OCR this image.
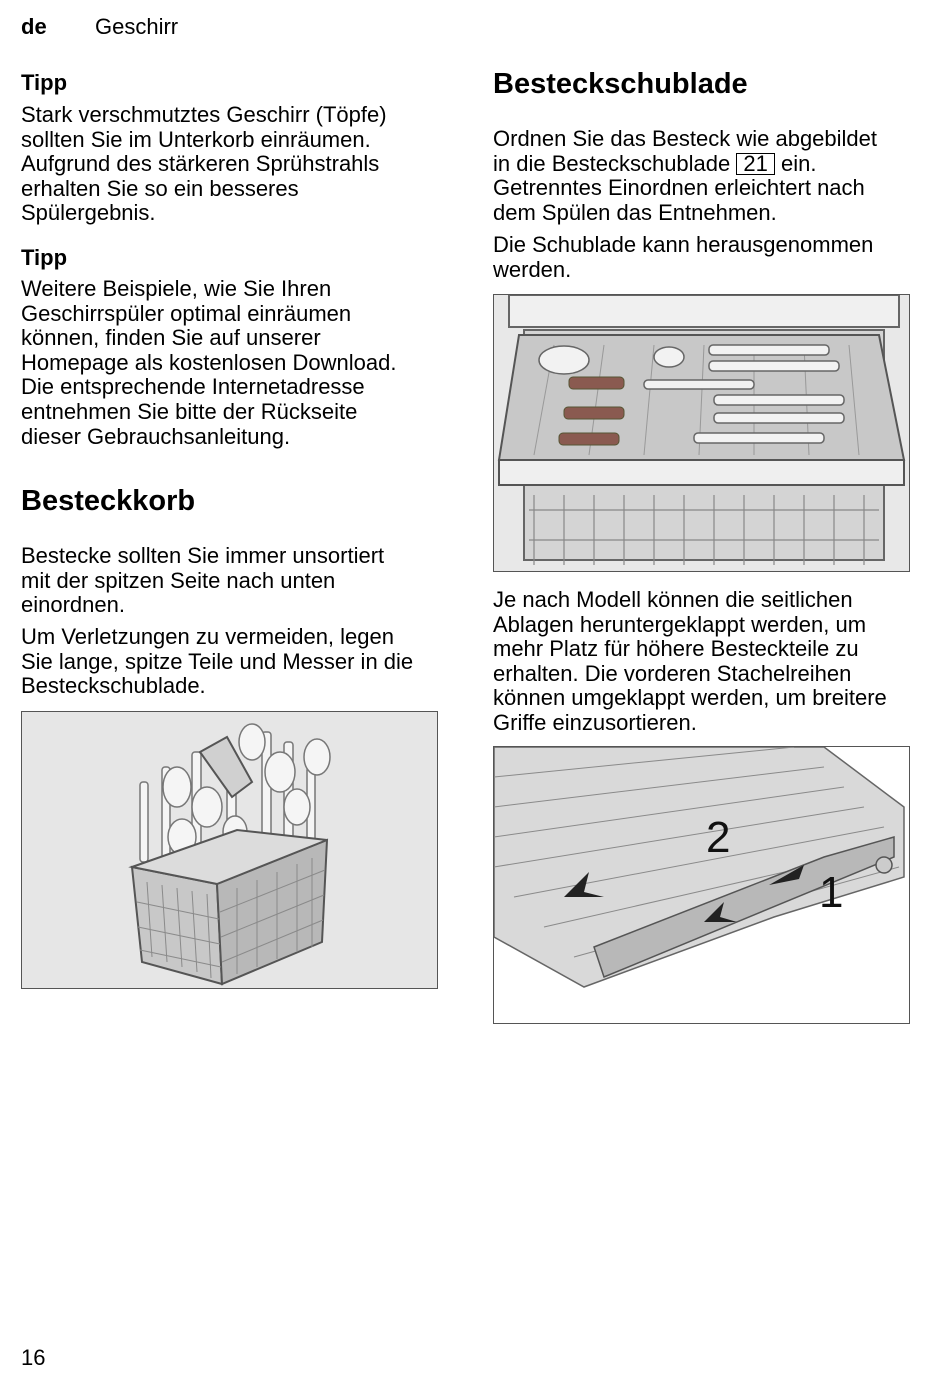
de Geschirr
Tipp
Stark verschmutztes Geschirr (Töpfe)
sollten Sie im Unterkorb einräumen.
Aufgrund des stärkeren Sprühstrahls
erhalten Sie so ein besseres
Spülergebnis.
Tipp
Weitere Beispiele, wie Sie Ihren
Geschirrspüler optimal einräumen
können, finden Sie auf unserer
Homepage als kostenlosen Download.
Die entsprechende Internetadresse
entnehmen Sie bitte der Rückseite
dieser Gebrauchsanleitung.
Besteckkorb
Bestecke sollten Sie immer unsortiert
mit der spitzen Seite nach unten
einordnen.
Um Verletzungen zu vermeiden, legen
Sie lange, spitze Teile und Messer in die
Besteckschublade.
Besteckschublade
Ordnen Sie das Besteck wie abgebildet
in die Besteckschublade 21 ein.
Getrenntes Einordnen erleichtert nach
dem Spülen das Entnehmen.
Die Schublade kann herausgenommen
werden.
Je nach Modell können die seitlichen
Ablagen heruntergeklappt werden, um
mehr Platz für höhere Besteckteile zu
erhalten. Die vorderen Stachelreihen
können umgeklappt werden, um breitere
Griffe einzusortieren.
2
1
16
